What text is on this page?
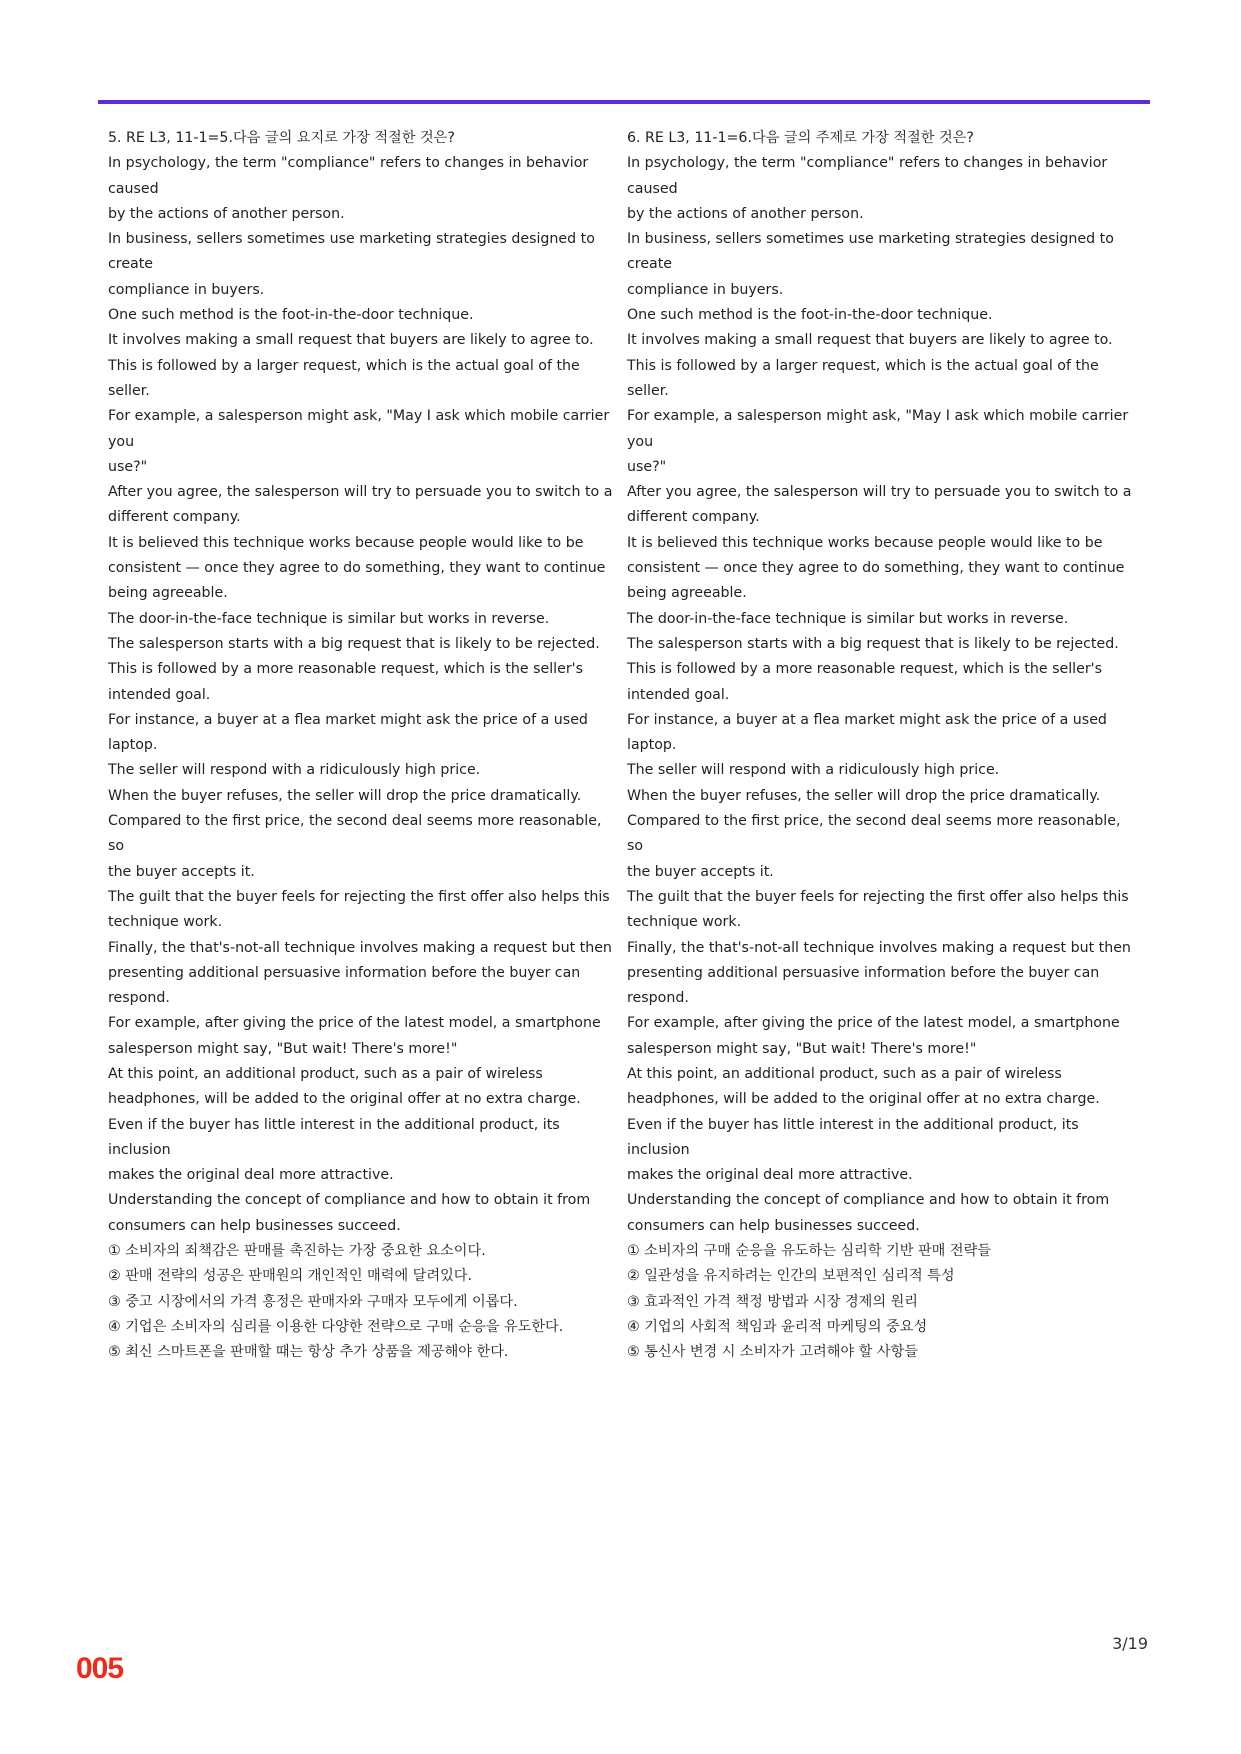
5. RE L3, 11-1=5.다음 글의 요지로 가장 적절한 것은?
In psychology, the term "compliance" refers to changes in behavior caused
by the actions of another person.
In business, sellers sometimes use marketing strategies designed to create
compliance in buyers.
One such method is the foot-in-the-door technique.
It involves making a small request that buyers are likely to agree to.
This is followed by a larger request, which is the actual goal of the seller.
For example, a salesperson might ask, "May I ask which mobile carrier you
use?"
After you agree, the salesperson will try to persuade you to switch to a
different company.
It is believed this technique works because people would like to be
consistent — once they agree to do something, they want to continue
being agreeable.
The door-in-the-face technique is similar but works in reverse.
The salesperson starts with a big request that is likely to be rejected.
This is followed by a more reasonable request, which is the seller's
intended goal.
For instance, a buyer at a flea market might ask the price of a used laptop.
The seller will respond with a ridiculously high price.
When the buyer refuses, the seller will drop the price dramatically.
Compared to the first price, the second deal seems more reasonable, so
the buyer accepts it.
The guilt that the buyer feels for rejecting the first offer also helps this
technique work.
Finally, the that's-not-all technique involves making a request but then
presenting additional persuasive information before the buyer can
respond.
For example, after giving the price of the latest model, a smartphone
salesperson might say, "But wait! There's more!"
At this point, an additional product, such as a pair of wireless
headphones, will be added to the original offer at no extra charge.
Even if the buyer has little interest in the additional product, its inclusion
makes the original deal more attractive.
Understanding the concept of compliance and how to obtain it from
consumers can help businesses succeed.
① 소비자의 죄책감은 판매를 촉진하는 가장 중요한 요소이다.
② 판매 전략의 성공은 판매원의 개인적인 매력에 달려있다.
③ 중고 시장에서의 가격 흥정은 판매자와 구매자 모두에게 이롭다.
④ 기업은 소비자의 심리를 이용한 다양한 전략으로 구매 순응을 유도한다.
⑤ 최신 스마트폰을 판매할 때는 항상 추가 상품을 제공해야 한다.
6. RE L3, 11-1=6.다음 글의 주제로 가장 적절한 것은?
In psychology, the term "compliance" refers to changes in behavior caused
by the actions of another person.
In business, sellers sometimes use marketing strategies designed to create
compliance in buyers.
One such method is the foot-in-the-door technique.
It involves making a small request that buyers are likely to agree to.
This is followed by a larger request, which is the actual goal of the seller.
For example, a salesperson might ask, "May I ask which mobile carrier you
use?"
After you agree, the salesperson will try to persuade you to switch to a
different company.
It is believed this technique works because people would like to be
consistent — once they agree to do something, they want to continue
being agreeable.
The door-in-the-face technique is similar but works in reverse.
The salesperson starts with a big request that is likely to be rejected.
This is followed by a more reasonable request, which is the seller's
intended goal.
For instance, a buyer at a flea market might ask the price of a used laptop.
The seller will respond with a ridiculously high price.
When the buyer refuses, the seller will drop the price dramatically.
Compared to the first price, the second deal seems more reasonable, so
the buyer accepts it.
The guilt that the buyer feels for rejecting the first offer also helps this
technique work.
Finally, the that's-not-all technique involves making a request but then
presenting additional persuasive information before the buyer can
respond.
For example, after giving the price of the latest model, a smartphone
salesperson might say, "But wait! There's more!"
At this point, an additional product, such as a pair of wireless
headphones, will be added to the original offer at no extra charge.
Even if the buyer has little interest in the additional product, its inclusion
makes the original deal more attractive.
Understanding the concept of compliance and how to obtain it from
consumers can help businesses succeed.
① 소비자의 구매 순응을 유도하는 심리학 기반 판매 전략들
② 일관성을 유지하려는 인간의 보편적인 심리적 특성
③ 효과적인 가격 책정 방법과 시장 경제의 원리
④ 기업의 사회적 책임과 윤리적 마케팅의 중요성
⑤ 통신사 변경 시 소비자가 고려해야 할 사항들
3/19
005
